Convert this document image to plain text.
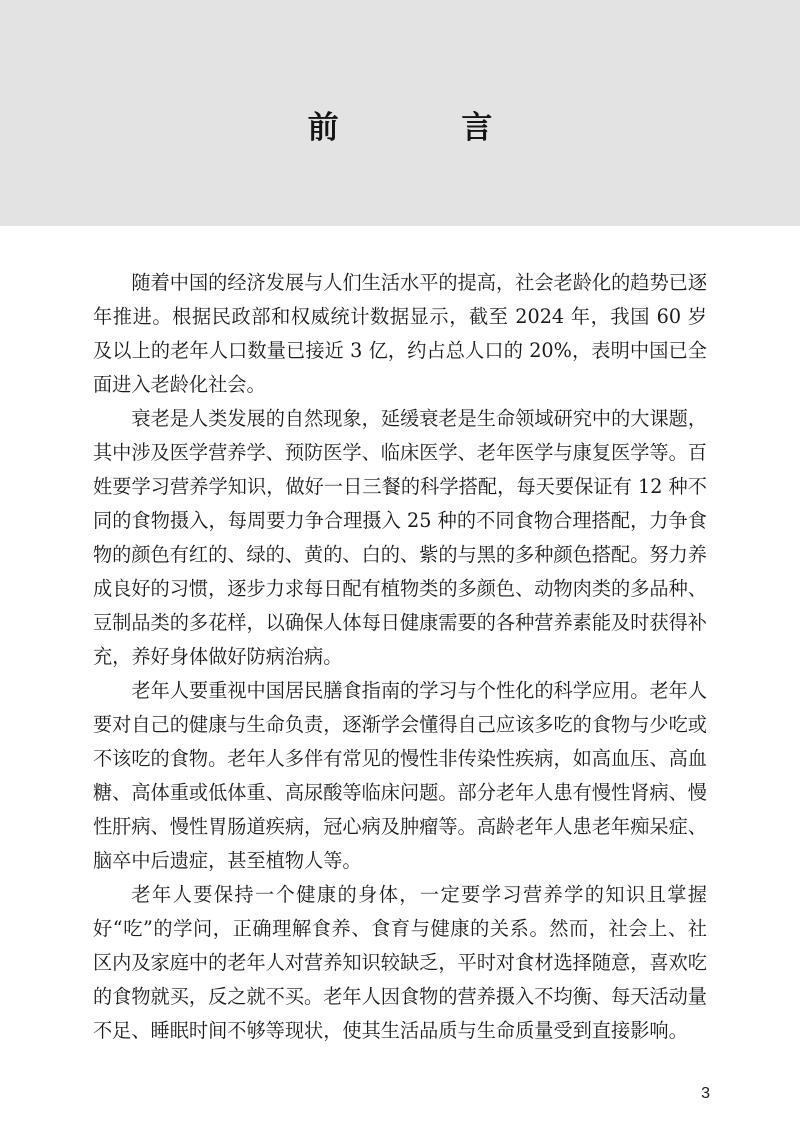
前 言

随着中国的经济发展与人们生活水平的提高，社会老龄化的趋势已逐年推进。根据民政部和权威统计数据显示，截至 2024 年，我国 60 岁及以上的老年人口数量已接近 3 亿，约占总人口的 20%，表明中国已全面进入老龄化社会。

衰老是人类发展的自然现象，延缓衰老是生命领域研究中的大课题，其中涉及医学营养学、预防医学、临床医学、老年医学与康复医学等。百姓要学习营养学知识，做好一日三餐的科学搭配，每天要保证有 12 种不同的食物摄入，每周要力争合理摄入 25 种的不同食物合理搭配，力争食物的颜色有红的、绿的、黄的、白的、紫的与黑的多种颜色搭配。努力养成良好的习惯，逐步力求每日配有植物类的多颜色、动物肉类的多品种、豆制品类的多花样，以确保人体每日健康需要的各种营养素能及时获得补充，养好身体做好防病治病。

老年人要重视中国居民膳食指南的学习与个性化的科学应用。老年人要对自己的健康与生命负责，逐渐学会懂得自己应该多吃的食物与少吃或不该吃的食物。老年人多伴有常见的慢性非传染性疾病，如高血压、高血糖、高体重或低体重、高尿酸等临床问题。部分老年人患有慢性肾病、慢性肝病、慢性胃肠道疾病，冠心病及肿瘤等。高龄老年人患老年痴呆症、脑卒中后遗症，甚至植物人等。

老年人要保持一个健康的身体，一定要学习营养学的知识且掌握好“吃”的学问，正确理解食养、食育与健康的关系。然而，社会上、社区内及家庭中的老年人对营养知识较缺乏，平时对食材选择随意，喜欢吃的食物就买，反之就不买。老年人因食物的营养摄入不均衡、每天活动量不足、睡眠时间不够等现状，使其生活品质与生命质量受到直接影响。

3
